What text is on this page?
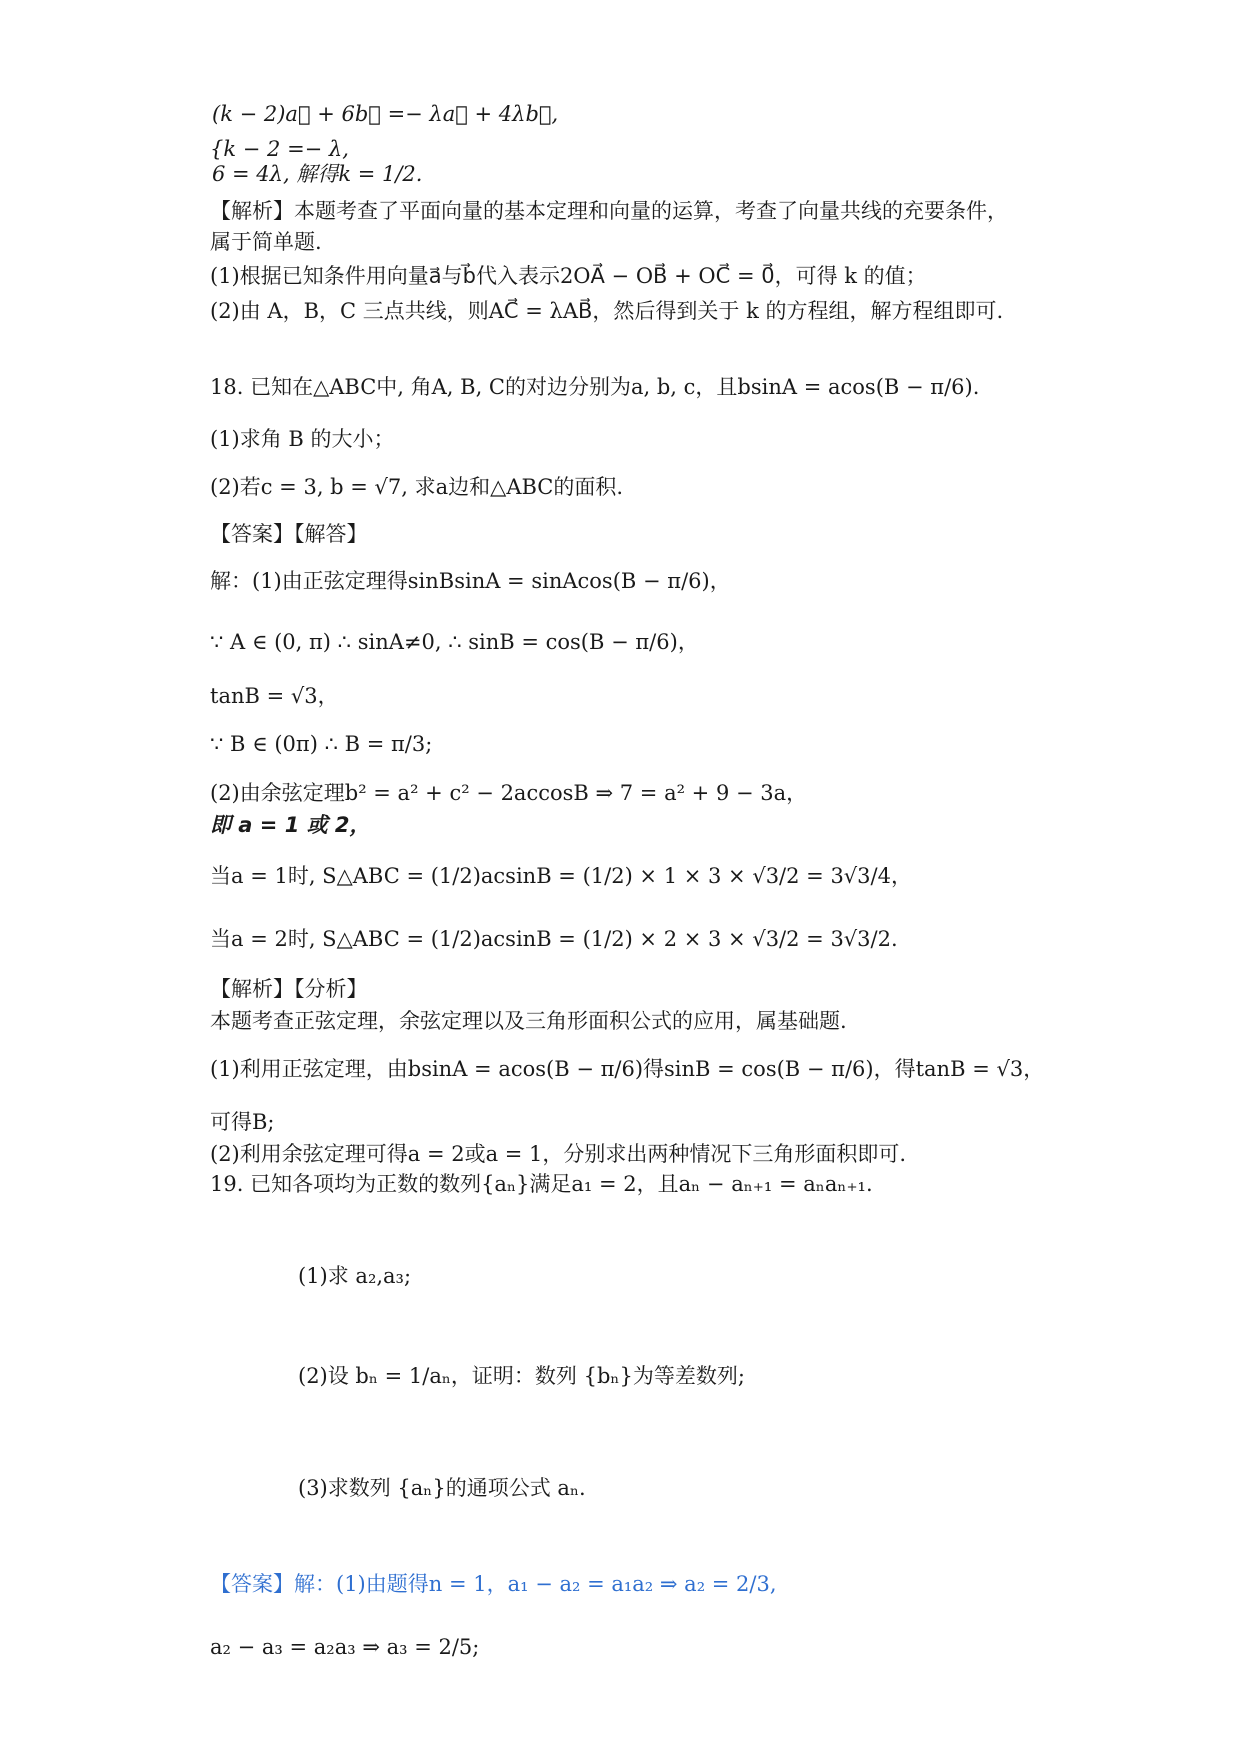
(k − 2)a⃗ + 6b⃗ =− λa⃗ + 4λb⃗,
{k − 2 =− λ,
6 = 4λ, 解得k = 1/2.
【解析】本题考查了平面向量的基本定理和向量的运算，考查了向量共线的充要条件，
属于简单题.
(1)根据已知条件用向量a⃗与b⃗代入表示2OA⃗ − OB⃗ + OC⃗ = 0⃗，可得 k 的值；
(2)由 A，B，C 三点共线，则AC⃗ = λAB⃗，然后得到关于 k 的方程组，解方程组即可.
18. 已知在△ABC中, 角A, B, C的对边分别为a, b, c，且bsinA = acos(B − π/6).
(1)求角 B 的大小；
(2)若c = 3, b = √7, 求a边和△ABC的面积.
【答案】【解答】
解：(1)由正弦定理得sinBsinA = sinAcos(B − π/6)，
∵ A ∈ (0, π) ∴ sinA≠0, ∴ sinB = cos(B − π/6)，
tanB = √3，
∵ B ∈ (0π) ∴ B = π/3;
(2)由余弦定理b² = a² + c² − 2accosB ⇒ 7 = a² + 9 − 3a，
即 a = 1 或 2，
当a = 1时, S△ABC = (1/2)acsinB = (1/2) × 1 × 3 × √3/2 = 3√3/4，
当a = 2时, S△ABC = (1/2)acsinB = (1/2) × 2 × 3 × √3/2 = 3√3/2.
【解析】【分析】
本题考查正弦定理，余弦定理以及三角形面积公式的应用，属基础题.
(1)利用正弦定理，由bsinA = acos(B − π/6)得sinB = cos(B − π/6)，得tanB = √3，
可得B;
(2)利用余弦定理可得a = 2或a = 1，分别求出两种情况下三角形面积即可.
19. 已知各项均为正数的数列{aₙ}满足a₁ = 2，且aₙ − aₙ₊₁ = aₙaₙ₊₁.
(1)求 a₂,a₃;
(2)设 bₙ = 1/aₙ，证明：数列 {bₙ}为等差数列;
(3)求数列 {aₙ}的通项公式 aₙ.
【答案】解：(1)由题得n = 1，a₁ − a₂ = a₁a₂ ⇒ a₂ = 2/3,
a₂ − a₃ = a₂a₃ ⇒ a₃ = 2/5;
